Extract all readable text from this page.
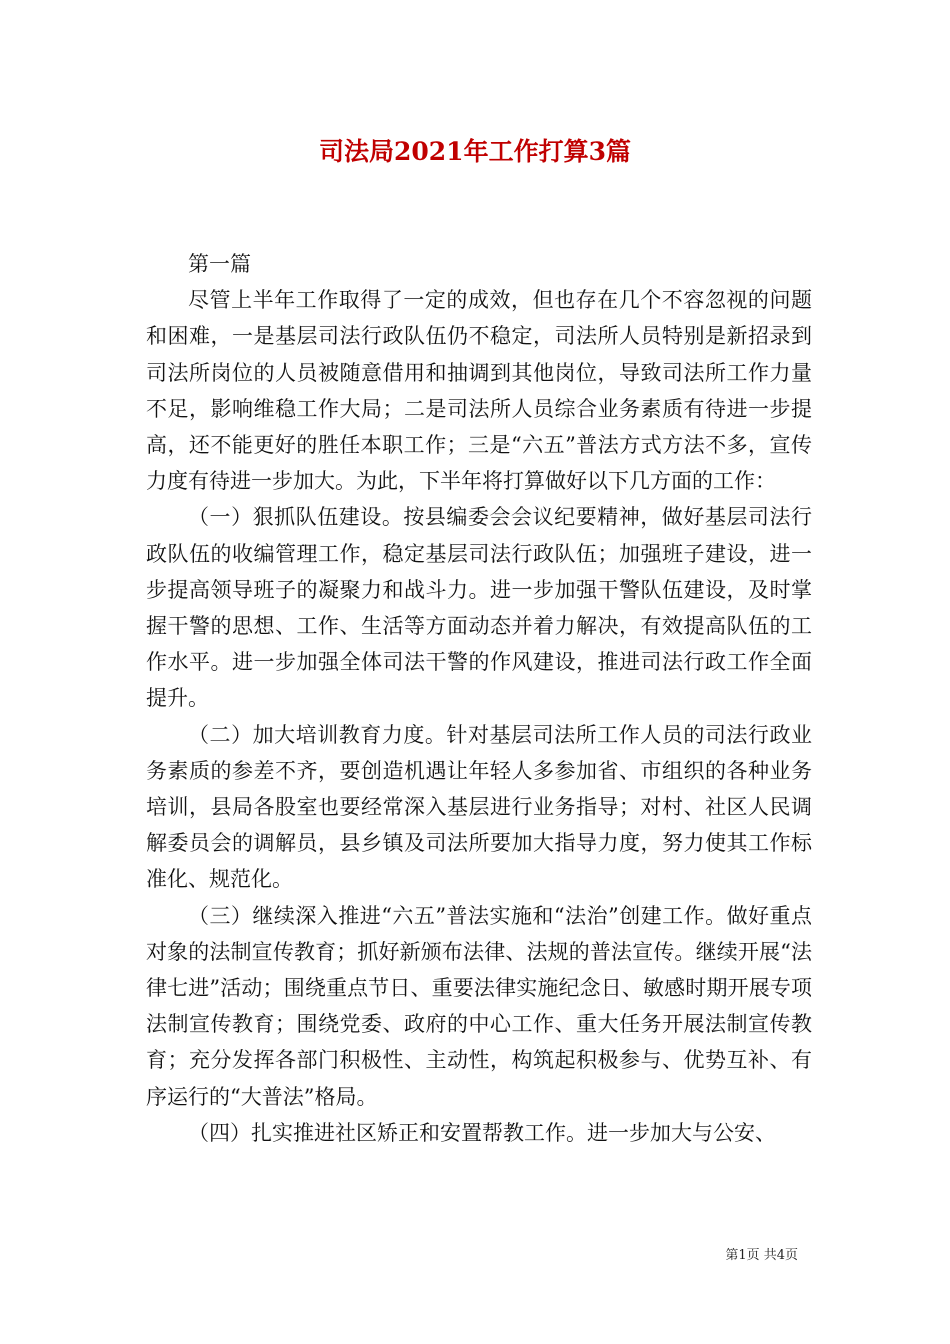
司法局2021年工作打算3篇

第一篇

尽管上半年工作取得了一定的成效，但也存在几个不容忽视的问题和困难，一是基层司法行政队伍仍不稳定，司法所人员特别是新招录到司法所岗位的人员被随意借用和抽调到其他岗位，导致司法所工作力量不足，影响维稳工作大局；二是司法所人员综合业务素质有待进一步提高，还不能更好的胜任本职工作；三是“六五”普法方式方法不多，宣传力度有待进一步加大。为此，下半年将打算做好以下几方面的工作：

（一）狠抓队伍建设。按县编委会会议纪要精神，做好基层司法行政队伍的收编管理工作，稳定基层司法行政队伍；加强班子建设，进一步提高领导班子的凝聚力和战斗力。进一步加强干警队伍建设，及时掌握干警的思想、工作、生活等方面动态并着力解决，有效提高队伍的工作水平。进一步加强全体司法干警的作风建设，推进司法行政工作全面提升。

（二）加大培训教育力度。针对基层司法所工作人员的司法行政业务素质的参差不齐，要创造机遇让年轻人多参加省、市组织的各种业务培训，县局各股室也要经常深入基层进行业务指导；对村、社区人民调解委员会的调解员，县乡镇及司法所要加大指导力度，努力使其工作标准化、规范化。

（三）继续深入推进“六五”普法实施和“法治”创建工作。做好重点对象的法制宣传教育；抓好新颁布法律、法规的普法宣传。继续开展“法律七进”活动；围绕重点节日、重要法律实施纪念日、敏感时期开展专项法制宣传教育；围绕党委、政府的中心工作、重大任务开展法制宣传教育；充分发挥各部门积极性、主动性，构筑起积极参与、优势互补、有序运行的“大普法”格局。

（四）扎实推进社区矫正和安置帮教工作。进一步加大与公安、

第1页 共4页
